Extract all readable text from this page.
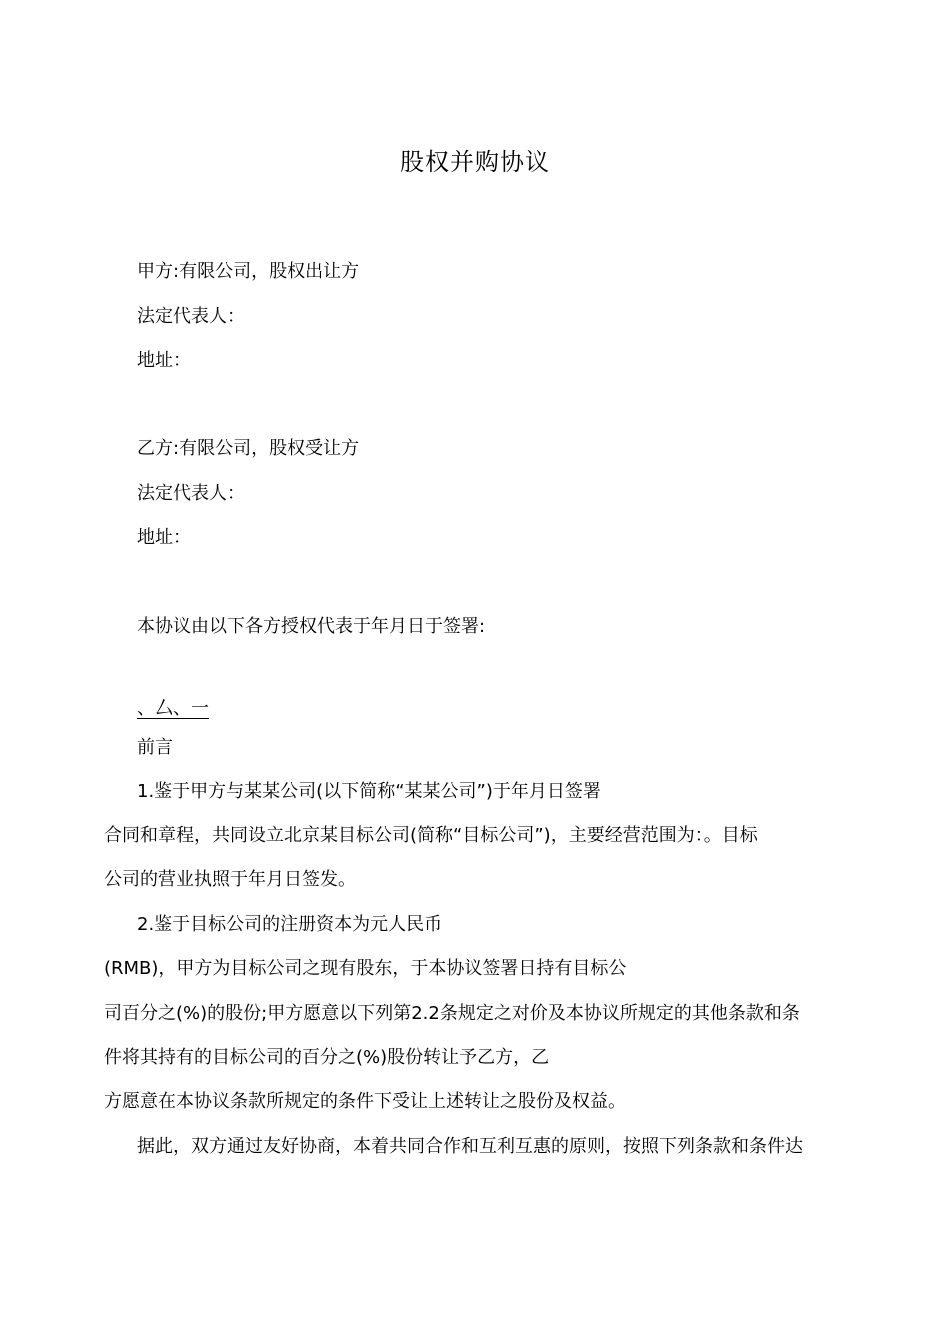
股权并购协议
甲方:有限公司，股权出让方
法定代表人：
地址：
乙方:有限公司，股权受让方
法定代表人：
地址：
本协议由以下各方授权代表于年月日于签署:
、厶、一
前言
1.鉴于甲方与某某公司(以下简称“某某公司”)于年月日签署
合同和章程，共同设立北京某目标公司(简称“目标公司”)，主要经营范围为：。目标
公司的营业执照于年月日签发。
2.鉴于目标公司的注册资本为元人民币
(RMB)，甲方为目标公司之现有股东，于本协议签署日持有目标公
司百分之(%)的股份;甲方愿意以下列第2.2条规定之对价及本协议所规定的其他条款和条
件将其持有的目标公司的百分之(%)股份转让予乙方，乙
方愿意在本协议条款所规定的条件下受让上述转让之股份及权益。
据此，双方通过友好协商，本着共同合作和互利互惠的原则，按照下列条款和条件达
